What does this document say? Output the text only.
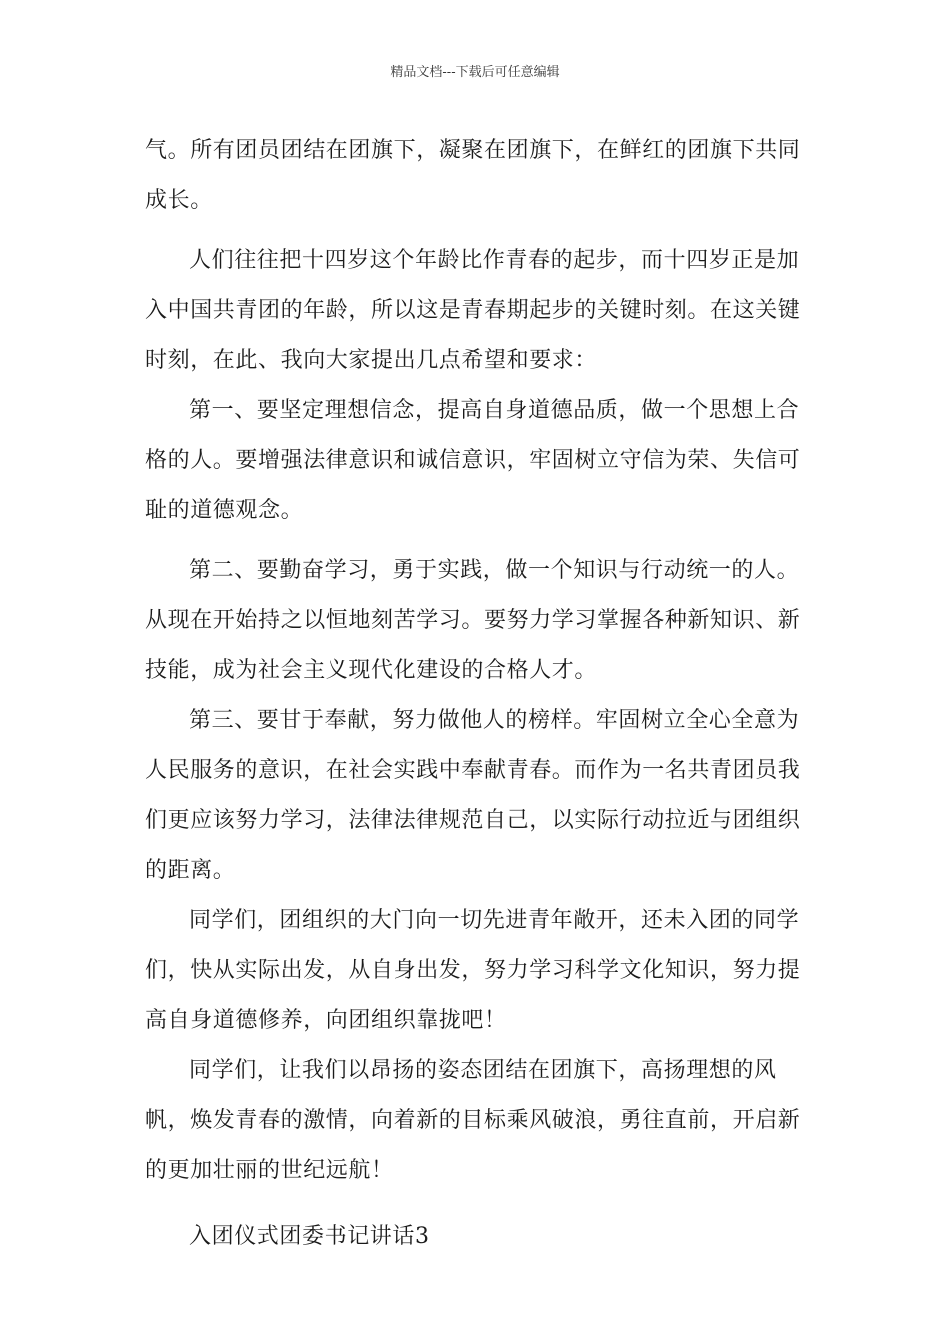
精品文档---下载后可任意编辑

气。所有团员团结在团旗下，凝聚在团旗下，在鲜红的团旗下共同成长。

人们往往把十四岁这个年龄比作青春的起步，而十四岁正是加入中国共青团的年龄，所以这是青春期起步的关键时刻。在这关键时刻，在此、我向大家提出几点希望和要求：

第一、要坚定理想信念，提高自身道德品质，做一个思想上合格的人。要增强法律意识和诚信意识，牢固树立守信为荣、失信可耻的道德观念。

第二、要勤奋学习，勇于实践，做一个知识与行动统一的人。从现在开始持之以恒地刻苦学习。要努力学习掌握各种新知识、新技能，成为社会主义现代化建设的合格人才。

第三、要甘于奉献，努力做他人的榜样。牢固树立全心全意为人民服务的意识，在社会实践中奉献青春。而作为一名共青团员我们更应该努力学习，法律法律规范自己，以实际行动拉近与团组织的距离。

同学们，团组织的大门向一切先进青年敞开，还未入团的同学们，快从实际出发，从自身出发，努力学习科学文化知识，努力提高自身道德修养，向团组织靠拢吧！

同学们，让我们以昂扬的姿态团结在团旗下，高扬理想的风帆，焕发青春的激情，向着新的目标乘风破浪，勇往直前，开启新的更加壮丽的世纪远航！

入团仪式团委书记讲话3
